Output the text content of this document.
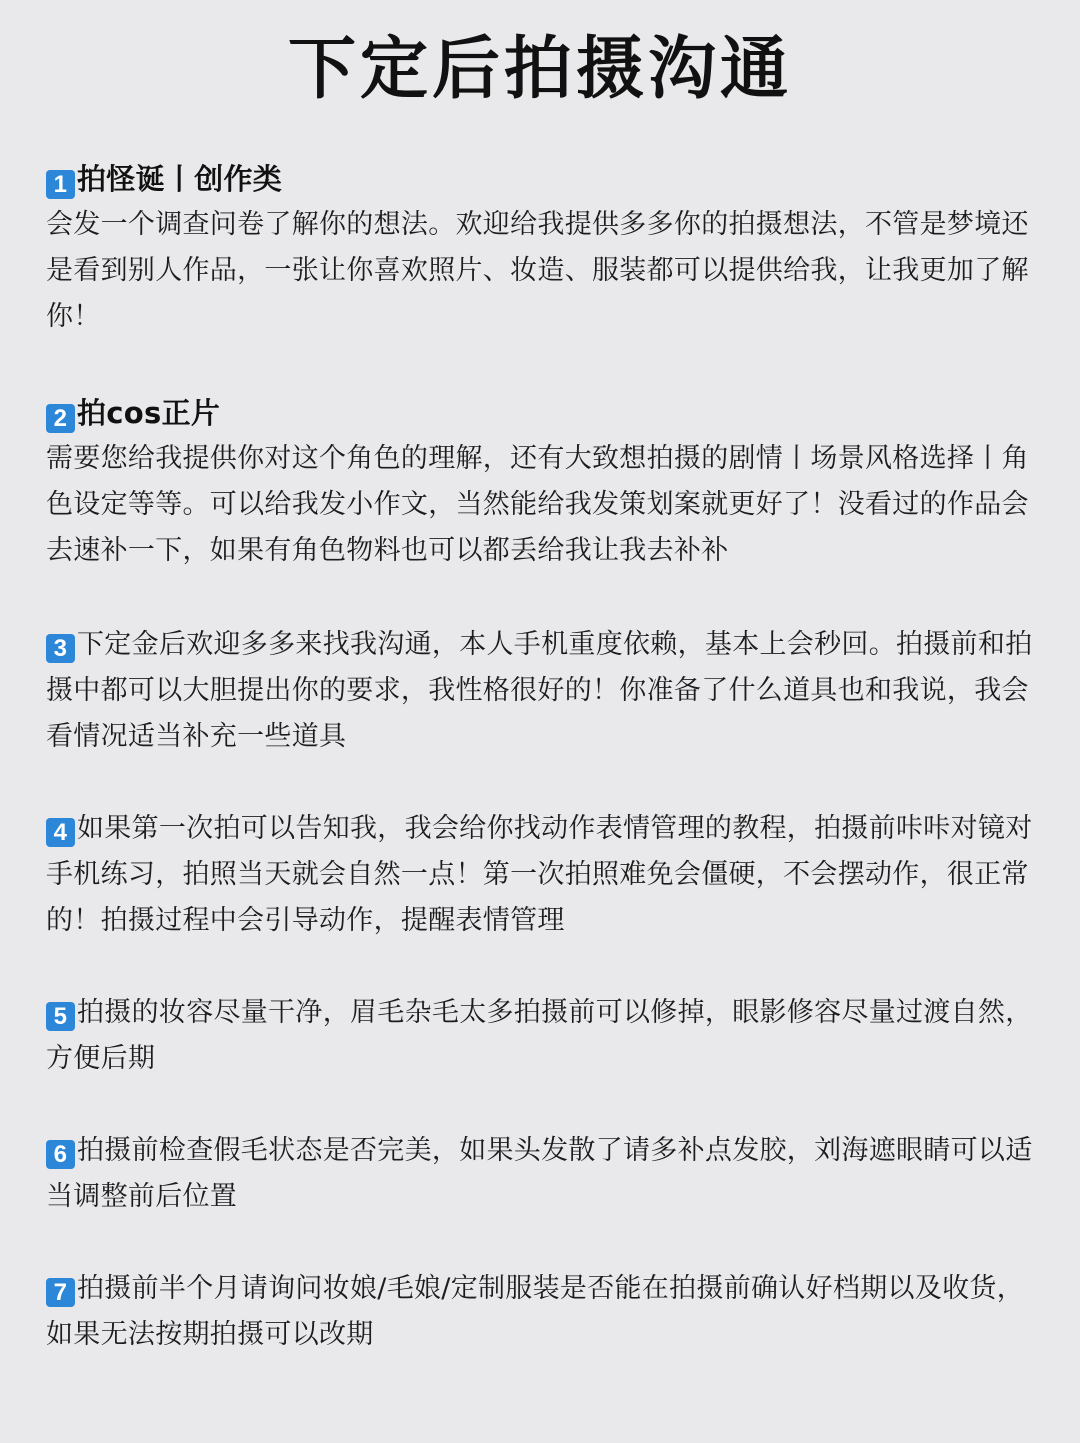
下定后拍摄沟通
1 拍怪诞丨创作类
会发一个调查问卷了解你的想法。欢迎给我提供多多你的拍摄想法，不管是梦境还是看到别人作品，一张让你喜欢照片、妆造、服装都可以提供给我，让我更加了解你！
2 拍cos正片
需要您给我提供你对这个角色的理解，还有大致想拍摄的剧情丨场景风格选择丨角色设定等等。可以给我发小作文，当然能给我发策划案就更好了！没看过的作品会去速补一下，如果有角色物料也可以都丢给我让我去补补
3 下定金后欢迎多多来找我沟通，本人手机重度依赖，基本上会秒回。拍摄前和拍摄中都可以大胆提出你的要求，我性格很好的！你准备了什么道具也和我说，我会看情况适当补充一些道具
4 如果第一次拍可以告知我，我会给你找动作表情管理的教程，拍摄前咔咔对镜对手机练习，拍照当天就会自然一点！第一次拍照难免会僵硬，不会摆动作，很正常的！拍摄过程中会引导动作，提醒表情管理
5 拍摄的妆容尽量干净，眉毛杂毛太多拍摄前可以修掉，眼影修容尽量过渡自然，方便后期
6 拍摄前检查假毛状态是否完美，如果头发散了请多补点发胶，刘海遮眼睛可以适当调整前后位置
7 拍摄前半个月请询问妆娘/毛娘/定制服装是否能在拍摄前确认好档期以及收货，如果无法按期拍摄可以改期
